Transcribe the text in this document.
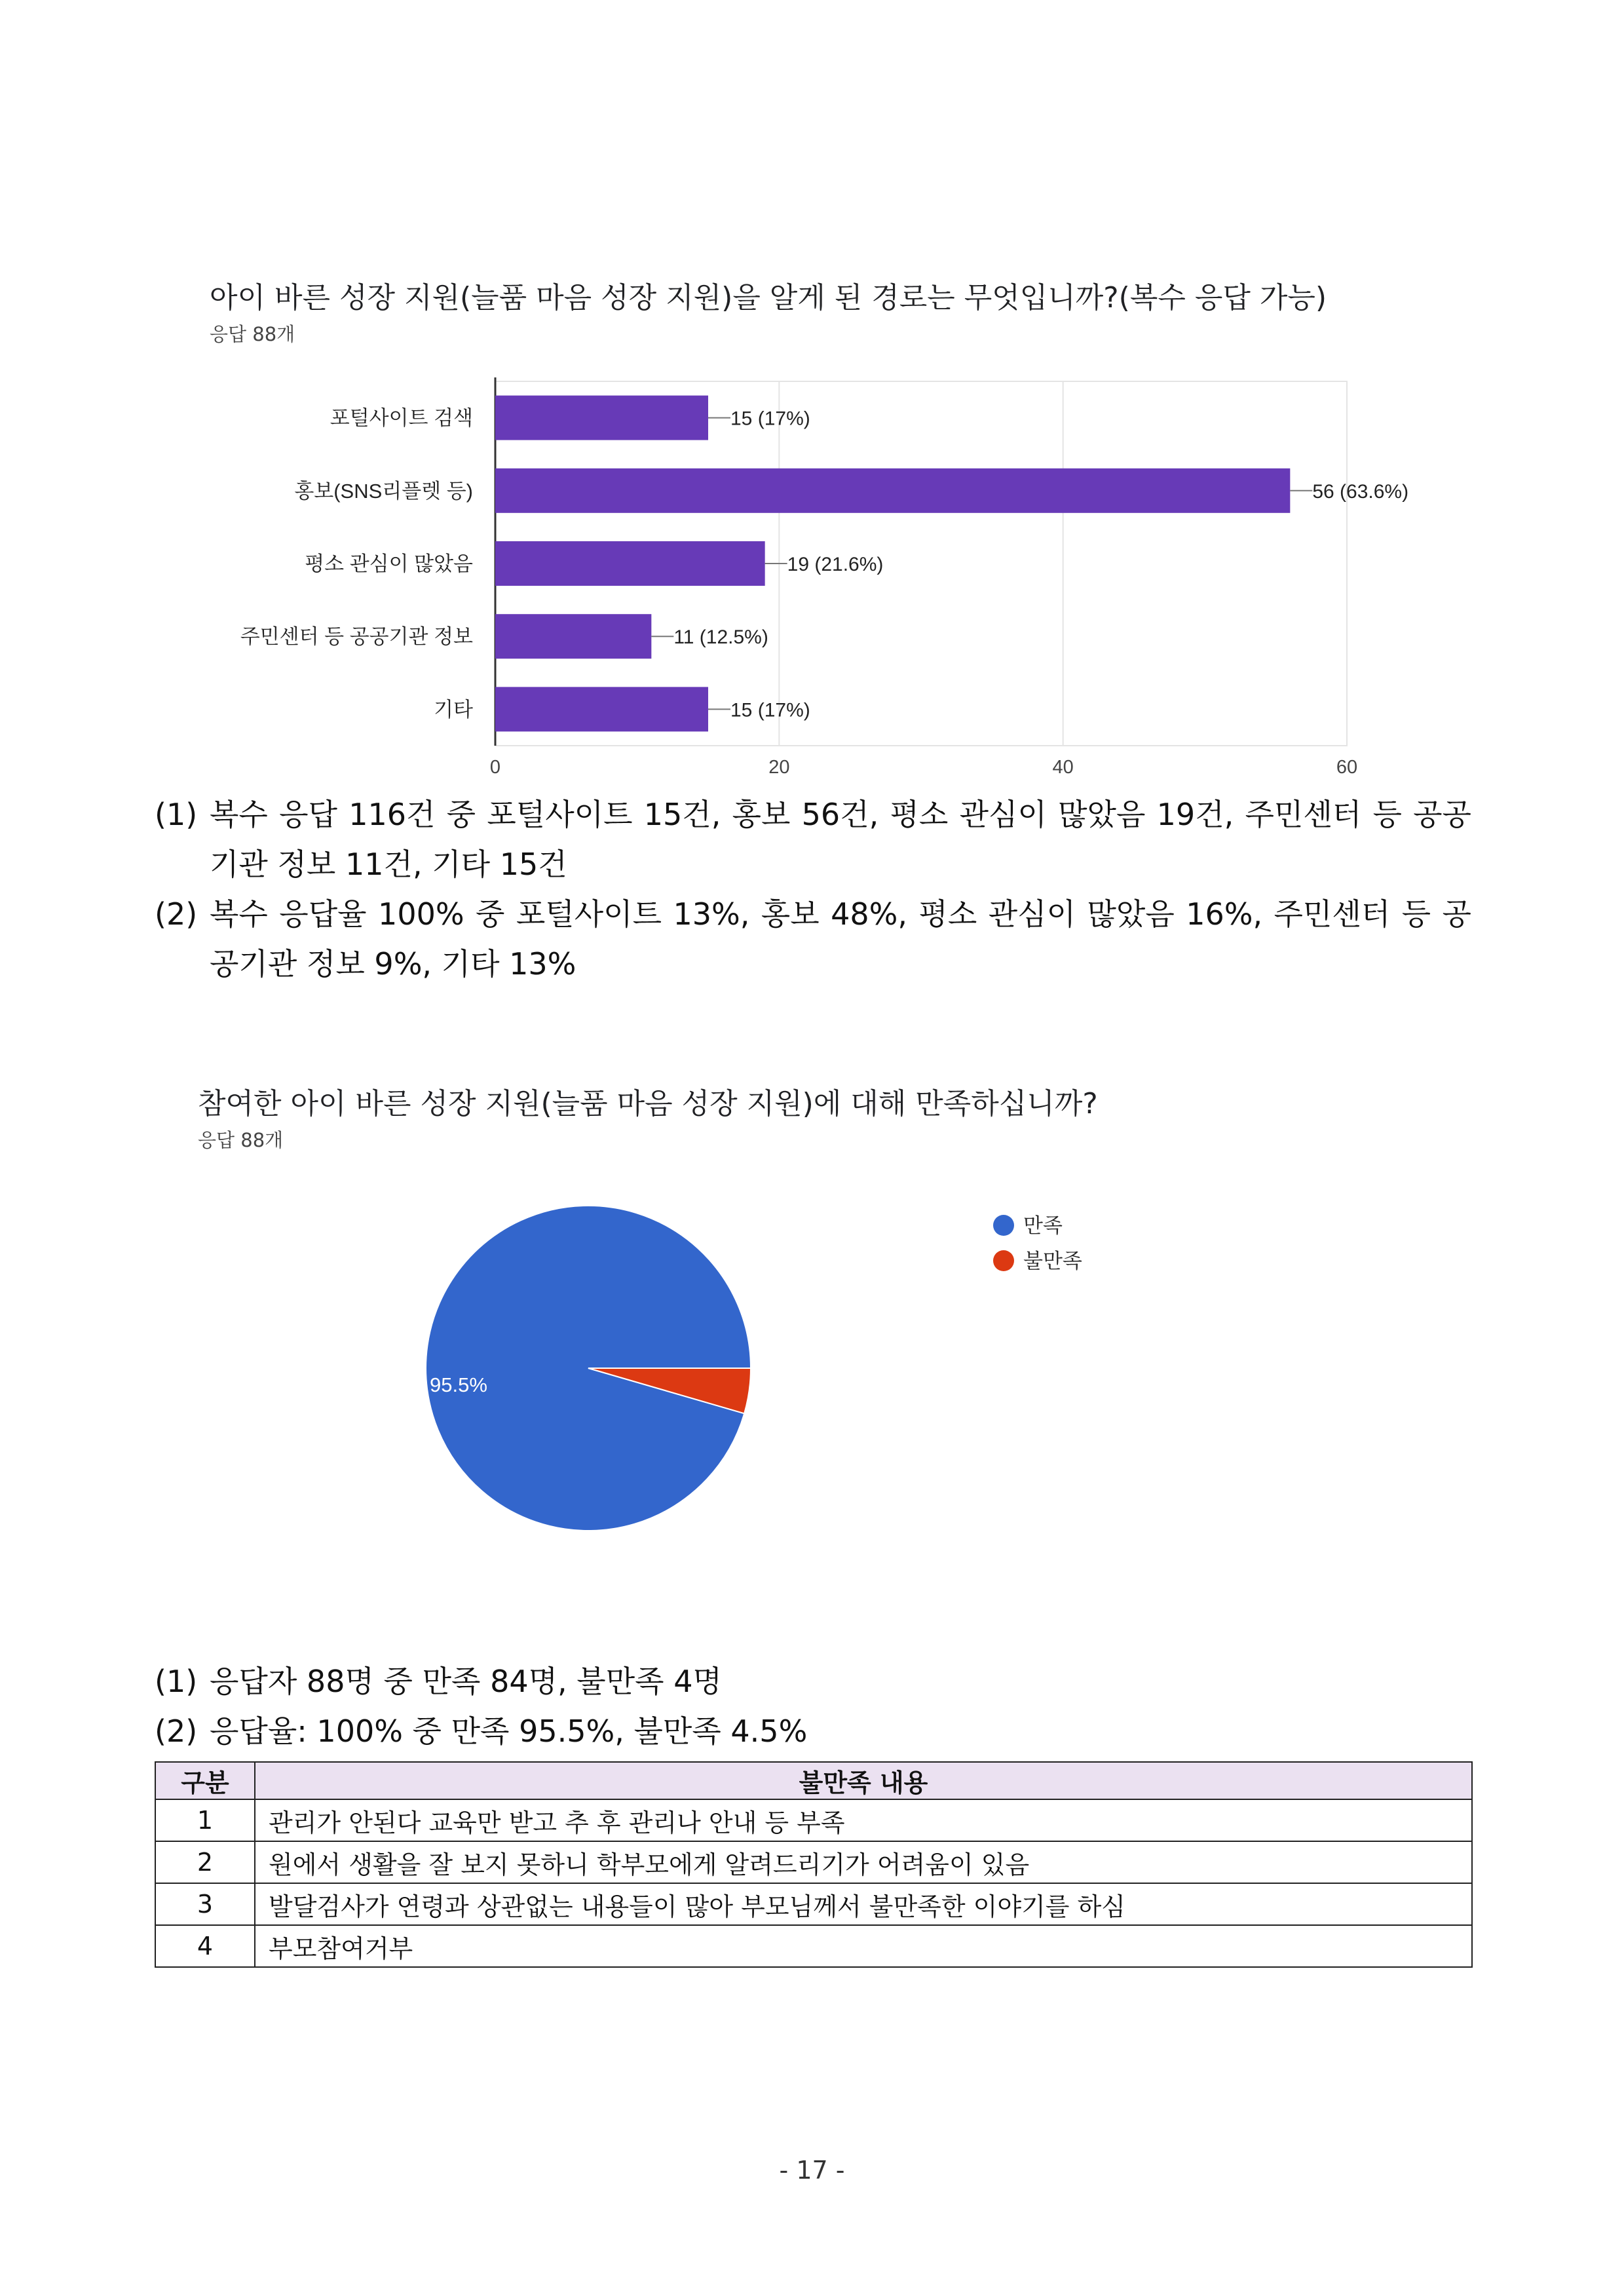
아이 바른 성장 지원(늘품 마음 성장 지원)을 알게 된 경로는 무엇입니까?(복수 응답 가능)
응답 88개
포털사이트 검색
홍보(SNS리플렛 등)
평소 관심이 많았음
주민센터 등 공공기관 정보
기타
15 (17%)
56 (63.6%)
19 (21.6%)
11 (12.5%)
15 (17%)
0	20	40	60
(1) 복수 응답 116건 중 포털사이트 15건, 홍보 56건, 평소 관심이 많았음 19건, 주민센터 등 공공기관 정보 11건, 기타 15건
(2) 복수 응답율 100% 중 포털사이트 13%, 홍보 48%, 평소 관심이 많았음 16%, 주민센터 등 공공기관 정보 9%, 기타 13%
참여한 아이 바른 성장 지원(늘품 마음 성장 지원)에 대해 만족하십니까?
응답 88개
95.5%
만족
불만족
(1) 응답자 88명 중 만족 84명, 불만족 4명
(2) 응답율: 100% 중 만족 95.5%, 불만족 4.5%
구분	불만족 내용
1	관리가 안된다 교육만 받고 추 후 관리나 안내 등 부족
2	원에서 생활을 잘 보지 못하니 학부모에게 알려드리기가 어려움이 있음
3	발달검사가 연령과 상관없는 내용들이 많아 부모님께서 불만족한 이야기를 하심
4	부모참여거부
- 17 -
